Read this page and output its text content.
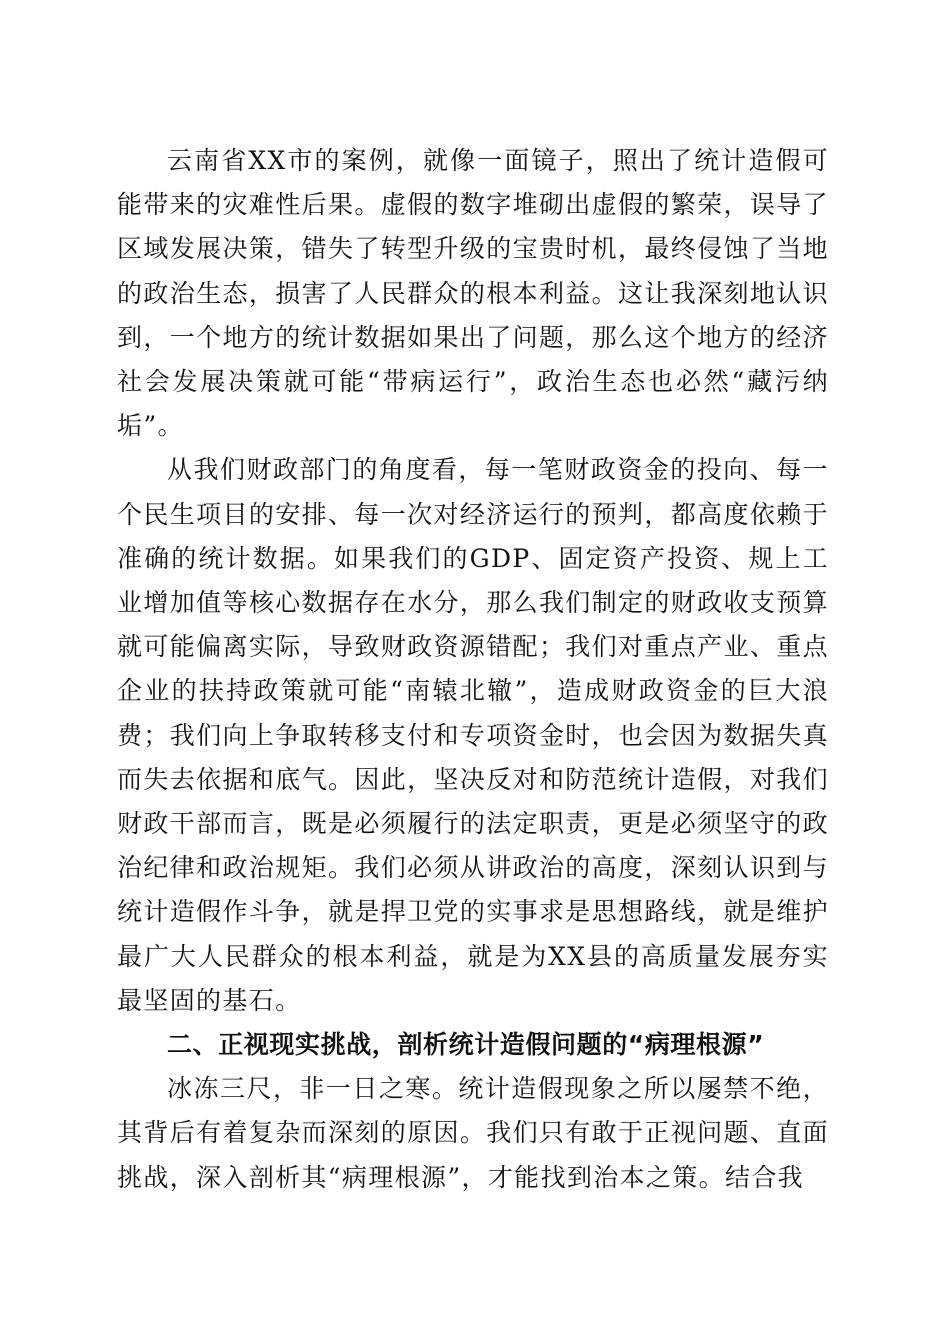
云南省XX市的案例，就像一面镜子，照出了统计造假可能带来的灾难性后果。虚假的数字堆砌出虚假的繁荣，误导了区域发展决策，错失了转型升级的宝贵时机，最终侵蚀了当地的政治生态，损害了人民群众的根本利益。这让我深刻地认识到，一个地方的统计数据如果出了问题，那么这个地方的经济社会发展决策就可能“带病运行”，政治生态也必然“藏污纳垢”。

从我们财政部门的角度看，每一笔财政资金的投向、每一个民生项目的安排、每一次对经济运行的预判，都高度依赖于准确的统计数据。如果我们的GDP、固定资产投资、规上工业增加值等核心数据存在水分，那么我们制定的财政收支预算就可能偏离实际，导致财政资源错配；我们对重点产业、重点企业的扶持政策就可能“南辕北辙”，造成财政资金的巨大浪费；我们向上争取转移支付和专项资金时，也会因为数据失真而失去依据和底气。因此，坚决反对和防范统计造假，对我们财政干部而言，既是必须履行的法定职责，更是必须坚守的政治纪律和政治规矩。我们必须从讲政治的高度，深刻认识到与统计造假作斗争，就是捍卫党的实事求是思想路线，就是维护最广大人民群众的根本利益，就是为XX县的高质量发展夯实最坚固的基石。

二、正视现实挑战，剖析统计造假问题的“病理根源”

冰冻三尺，非一日之寒。统计造假现象之所以屡禁不绝，其背后有着复杂而深刻的原因。我们只有敢于正视问题、直面挑战，深入剖析其“病理根源”，才能找到治本之策。结合我
